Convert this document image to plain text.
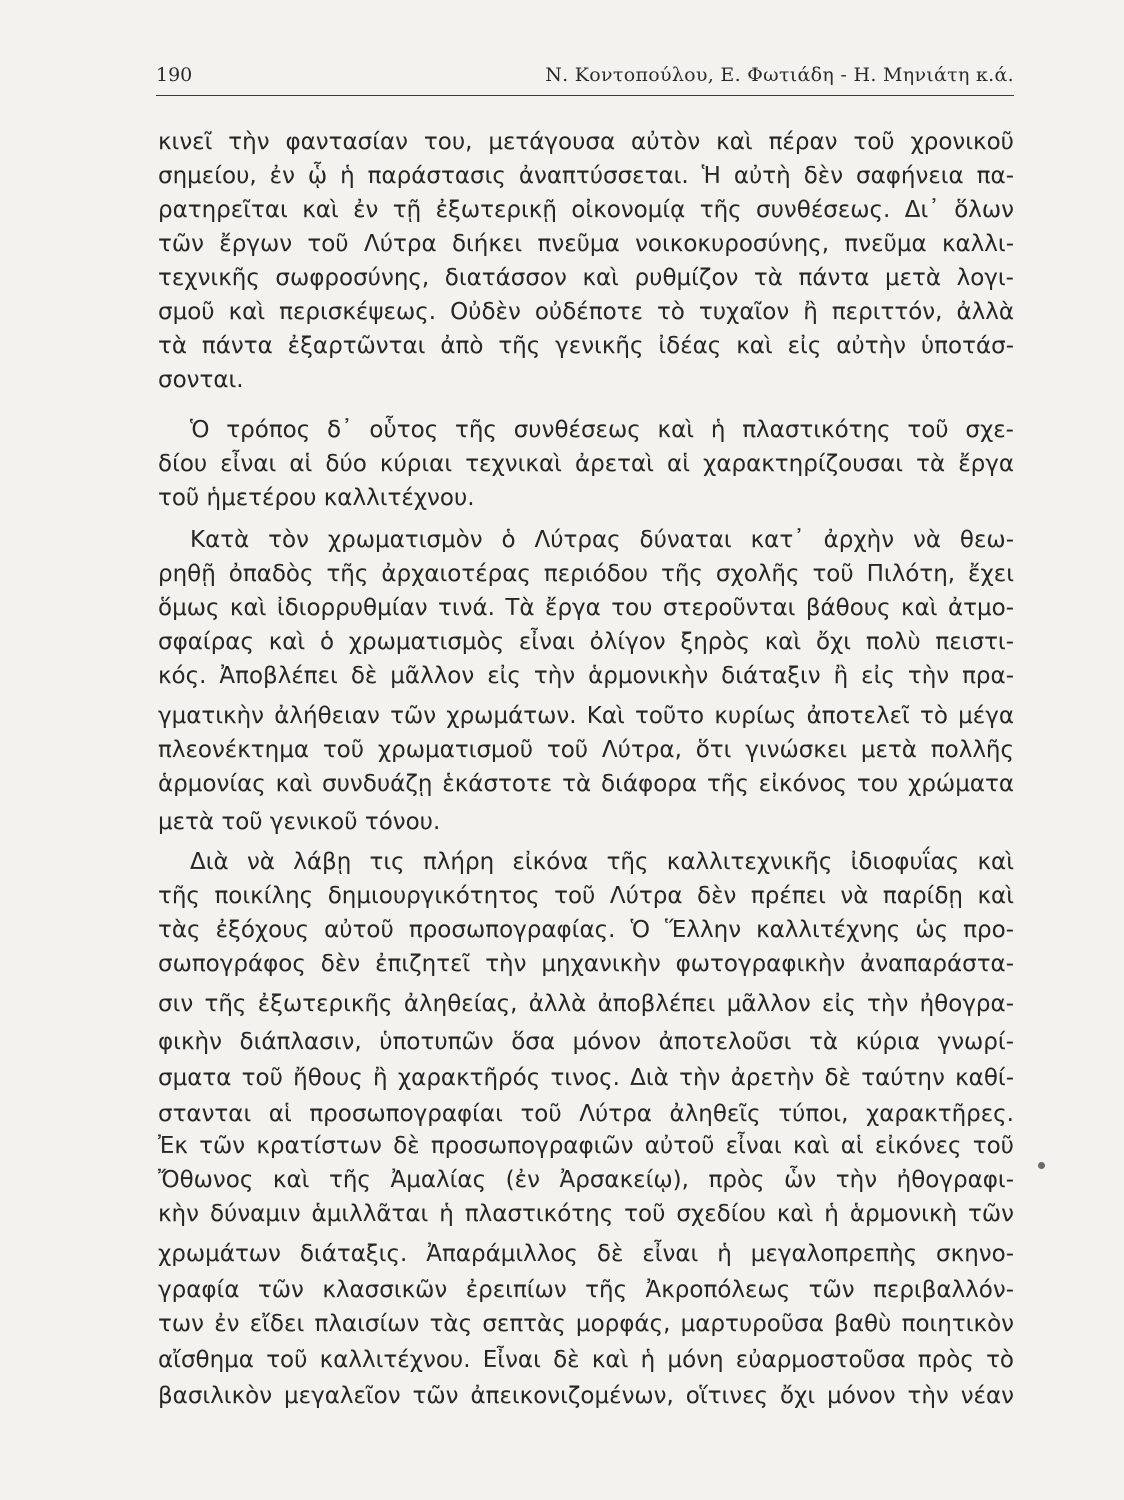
190	Ν. Κοντοπούλου, Ε. Φωτιάδη - Η. Μηνιάτη κ.ά.
κινεῖ τὴν φαντασίαν του, μετάγουσα αὐτὸν καὶ πέραν τοῦ χρονικοῦ
σημείου, ἐν ᾧ ἡ παράστασις ἀναπτύσσεται. Ἡ αὐτὴ δὲν σαφήνεια πα-
ρατηρεῖται καὶ ἐν τῇ ἐξωτερικῇ οἰκονομίᾳ τῆς συνθέσεως. Δι᾿ ὅλων
τῶν ἔργων τοῦ Λύτρα διήκει πνεῦμα νοικοκυροσύνης, πνεῦμα καλλι-
τεχνικῆς σωφροσύνης, διατάσσον καὶ ρυθμίζον τὰ πάντα μετὰ λογι-
σμοῦ καὶ περισκέψεως. Οὐδὲν οὐδέποτε τὸ τυχαῖον ἢ περιττόν, ἀλλὰ
τὰ πάντα ἐξαρτῶνται ἀπὸ τῆς γενικῆς ἰδέας καὶ εἰς αὐτὴν ὑποτάσ-
σονται.
Ὁ τρόπος δ᾿ οὗτος τῆς συνθέσεως καὶ ἡ πλαστικότης τοῦ σχε-
δίου εἶναι αἱ δύο κύριαι τεχνικαὶ ἀρεταὶ αἱ χαρακτηρίζουσαι τὰ ἔργα
τοῦ ἡμετέρου καλλιτέχνου.
Κατὰ τὸν χρωματισμὸν ὁ Λύτρας δύναται κατ᾿ ἀρχὴν νὰ θεω-
ρηθῇ ὀπαδὸς τῆς ἀρχαιοτέρας περιόδου τῆς σχολῆς τοῦ Πιλότη, ἔχει
ὅμως καὶ ἰδιορρυθμίαν τινά. Τὰ ἔργα του στεροῦνται βάθους καὶ ἀτμο-
σφαίρας καὶ ὁ χρωματισμὸς εἶναι ὀλίγον ξηρὸς καὶ ὄχι πολὺ πειστι-
κός. Ἀποβλέπει δὲ μᾶλλον εἰς τὴν ἁρμονικὴν διάταξιν ἢ εἰς τὴν πρα-
γματικὴν ἀλήθειαν τῶν χρωμάτων. Καὶ τοῦτο κυρίως ἀποτελεῖ τὸ μέγα
πλεονέκτημα τοῦ χρωματισμοῦ τοῦ Λύτρα, ὅτι γινώσκει μετὰ πολλῆς
ἁρμονίας καὶ συνδυάζῃ ἑκάστοτε τὰ διάφορα τῆς εἰκόνος του χρώματα
μετὰ τοῦ γενικοῦ τόνου.
Διὰ νὰ λάβῃ τις πλήρη εἰκόνα τῆς καλλιτεχνικῆς ἰδιοφυΐας καὶ
τῆς ποικίλης δημιουργικότητος τοῦ Λύτρα δὲν πρέπει νὰ παρίδῃ καὶ
τὰς ἐξόχους αὐτοῦ προσωπογραφίας. Ὁ Ἕλλην καλλιτέχνης ὡς προ-
σωπογράφος δὲν ἐπιζητεῖ τὴν μηχανικὴν φωτογραφικὴν ἀναπαράστα-
σιν τῆς ἐξωτερικῆς ἀληθείας, ἀλλὰ ἀποβλέπει μᾶλλον εἰς τὴν ἠθογρα-
φικὴν διάπλασιν, ὑποτυπῶν ὅσα μόνον ἀποτελοῦσι τὰ κύρια γνωρί-
σματα τοῦ ἤθους ἢ χαρακτῆρός τινος. Διὰ τὴν ἀρετὴν δὲ ταύτην καθί-
στανται αἱ προσωπογραφίαι τοῦ Λύτρα ἀληθεῖς τύποι, χαρακτῆρες.
Ἐκ τῶν κρατίστων δὲ προσωπογραφιῶν αὐτοῦ εἶναι καὶ αἱ εἰκόνες τοῦ
Ὄθωνος καὶ τῆς Ἀμαλίας (ἐν Ἀρσακείῳ), πρὸς ὧν τὴν ἠθογραφι-
κὴν δύναμιν ἁμιλλᾶται ἡ πλαστικότης τοῦ σχεδίου καὶ ἡ ἁρμονικὴ τῶν
χρωμάτων διάταξις. Ἀπαράμιλλος δὲ εἶναι ἡ μεγαλοπρεπὴς σκηνο-
γραφία τῶν κλασσικῶν ἐρειπίων τῆς Ἀκροπόλεως τῶν περιβαλλόν-
των ἐν εἴδει πλαισίων τὰς σεπτὰς μορφάς, μαρτυροῦσα βαθὺ ποιητικὸν
αἴσθημα τοῦ καλλιτέχνου. Εἶναι δὲ καὶ ἡ μόνη εὐαρμοστοῦσα πρὸς τὸ
βασιλικὸν μεγαλεῖον τῶν ἀπεικονιζομένων, οἵτινες ὄχι μόνον τὴν νέαν
